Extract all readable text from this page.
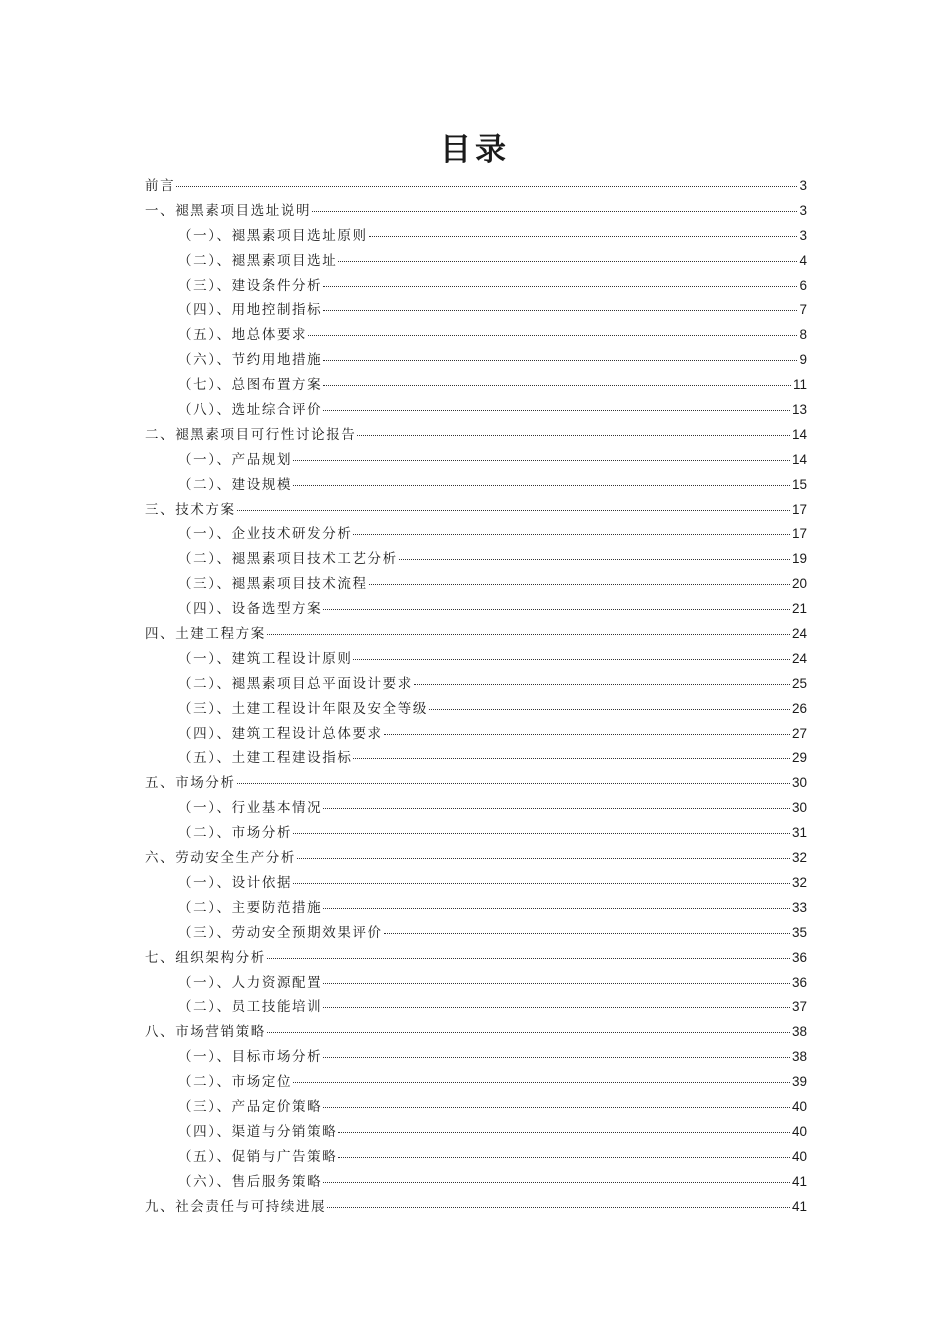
目录
前言	3
一、褪黑素项目选址说明	3
（一）、褪黑素项目选址原则	3
（二）、褪黑素项目选址	4
（三）、建设条件分析	6
（四）、用地控制指标	7
（五）、地总体要求	8
（六）、节约用地措施	9
（七）、总图布置方案	11
（八）、选址综合评价	13
二、褪黑素项目可行性讨论报告	14
（一）、产品规划	14
（二）、建设规模	15
三、技术方案	17
（一）、企业技术研发分析	17
（二）、褪黑素项目技术工艺分析	19
（三）、褪黑素项目技术流程	20
（四）、设备选型方案	21
四、土建工程方案	24
（一）、建筑工程设计原则	24
（二）、褪黑素项目总平面设计要求	25
（三）、土建工程设计年限及安全等级	26
（四）、建筑工程设计总体要求	27
（五）、土建工程建设指标	29
五、市场分析	30
（一）、行业基本情况	30
（二）、市场分析	31
六、劳动安全生产分析	32
（一）、设计依据	32
（二）、主要防范措施	33
（三）、劳动安全预期效果评价	35
七、组织架构分析	36
（一）、人力资源配置	36
（二）、员工技能培训	37
八、市场营销策略	38
（一）、目标市场分析	38
（二）、市场定位	39
（三）、产品定价策略	40
（四）、渠道与分销策略	40
（五）、促销与广告策略	40
（六）、售后服务策略	41
九、社会责任与可持续进展	41
